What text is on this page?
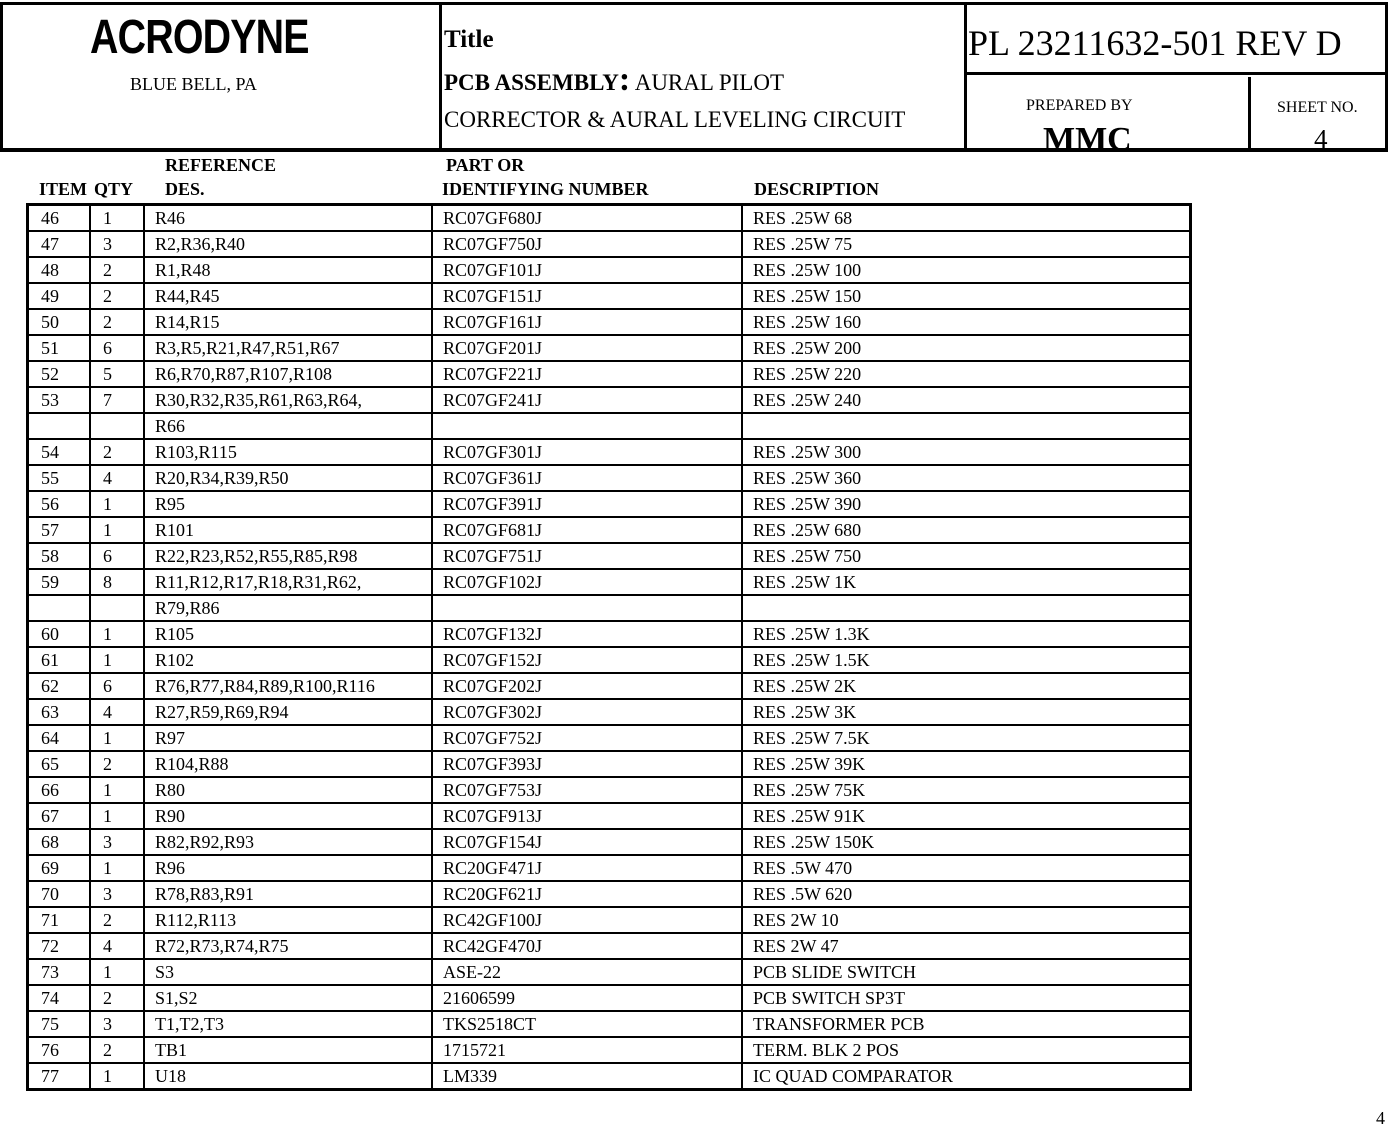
ACRODYNE
BLUE BELL, PA
Title
PCB ASSEMBLY: AURAL PILOT
CORRECTOR & AURAL LEVELING CIRCUIT
PL 23211632-501 REV D
PREPARED BY
MMC
SHEET NO.
4
REFERENCE	PART OR
ITEM QTY DES.	IDENTIFYING NUMBER	DESCRIPTION
46	1	R46	RC07GF680J	RES .25W 68
47	3	R2,R36,R40	RC07GF750J	RES .25W 75
48	2	R1,R48	RC07GF101J	RES .25W 100
49	2	R44,R45	RC07GF151J	RES .25W 150
50	2	R14,R15	RC07GF161J	RES .25W 160
51	6	R3,R5,R21,R47,R51,R67	RC07GF201J	RES .25W 200
52	5	R6,R70,R87,R107,R108	RC07GF221J	RES .25W 220
53	7	R30,R32,R35,R61,R63,R64,	RC07GF241J	RES .25W 240
		R66		
54	2	R103,R115	RC07GF301J	RES .25W 300
55	4	R20,R34,R39,R50	RC07GF361J	RES .25W 360
56	1	R95	RC07GF391J	RES .25W 390
57	1	R101	RC07GF681J	RES .25W 680
58	6	R22,R23,R52,R55,R85,R98	RC07GF751J	RES .25W 750
59	8	R11,R12,R17,R18,R31,R62,	RC07GF102J	RES .25W 1K
		R79,R86		
60	1	R105	RC07GF132J	RES .25W 1.3K
61	1	R102	RC07GF152J	RES .25W 1.5K
62	6	R76,R77,R84,R89,R100,R116	RC07GF202J	RES .25W 2K
63	4	R27,R59,R69,R94	RC07GF302J	RES .25W 3K
64	1	R97	RC07GF752J	RES .25W 7.5K
65	2	R104,R88	RC07GF393J	RES .25W 39K
66	1	R80	RC07GF753J	RES .25W 75K
67	1	R90	RC07GF913J	RES .25W 91K
68	3	R82,R92,R93	RC07GF154J	RES .25W 150K
69	1	R96	RC20GF471J	RES .5W 470
70	3	R78,R83,R91	RC20GF621J	RES .5W 620
71	2	R112,R113	RC42GF100J	RES 2W 10
72	4	R72,R73,R74,R75	RC42GF470J	RES 2W 47
73	1	S3	ASE-22	PCB SLIDE SWITCH
74	2	S1,S2	21606599	PCB SWITCH SP3T
75	3	T1,T2,T3	TKS2518CT	TRANSFORMER PCB
76	2	TB1	1715721	TERM. BLK 2 POS
77	1	U18	LM339	IC QUAD COMPARATOR
4
